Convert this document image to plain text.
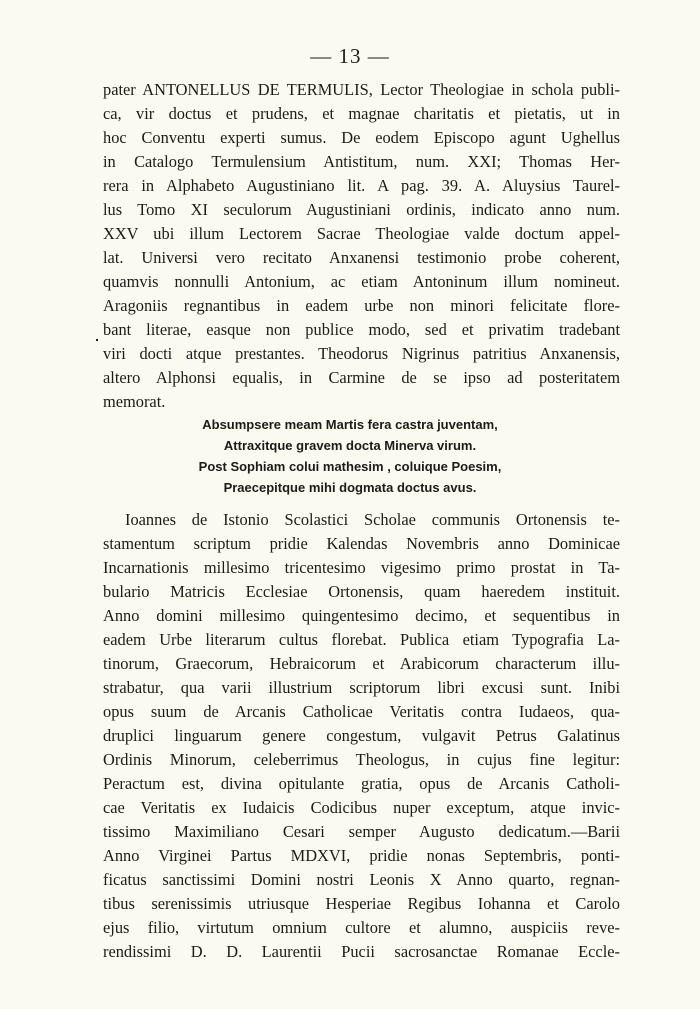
— 13 —
pater ANTONELLUS DE TERMULIS, Lector Theologiae in schola publi-
ca, vir doctus et prudens, et magnae charitatis et pietatis, ut in
hoc Conventu experti sumus. De eodem Episcopo agunt Ughellus
in Catalogo Termulensium Antistitum, num. XXI; Thomas Her-
rera in Alphabeto Augustiniano lit. A pag. 39. A. Aluysius Taurel-
lus Tomo XI seculorum Augustiniani ordinis, indicato anno num.
XXV ubi illum Lectorem Sacrae Theologiae valde doctum appel-
lat. Universi vero recitato Anxanensi testimonio probe coherent,
quamvis nonnulli Antonium, ac etiam Antoninum illum nomineut.
Aragoniis regnantibus in eadem urbe non minori felicitate flore-
bant literae, easque non publice modo, sed et privatim tradebant
viri docti atque prestantes. Theodorus Nigrinus patritius Anxanensis,
altero Alphonsi equalis, in Carmine de se ipso ad posteritatem
memorat.
Absumpsere meam Martis fera castra juventam,
Attraxitque gravem docta Minerva virum.
Post Sophiam colui mathesim , coluique Poesim,
Praecepitque mihi dogmata doctus avus.
Ioannes de Istonio Scolastici Scholae communis Ortonensis te-
stamentum scriptum pridie Kalendas Novembris anno Dominicae
Incarnationis millesimo tricentesimo vigesimo primo prostat in Ta-
bulario Matricis Ecclesiae Ortonensis, quam haeredem instituit.
Anno domini millesimo quingentesimo decimo, et sequentibus in
eadem Urbe literarum cultus florebat. Publica etiam Typografia La-
tinorum, Graecorum, Hebraicorum et Arabicorum characterum illu-
strabatur, qua varii illustrium scriptorum libri excusi sunt. Inibi
opus suum de Arcanis Catholicae Veritatis contra Iudaeos, qua-
druplici linguarum genere congestum, vulgavit Petrus Galatinus
Ordinis Minorum, celeberrimus Theologus, in cujus fine legitur:
Peractum est, divina opitulante gratia, opus de Arcanis Catholi-
cae Veritatis ex Iudaicis Codicibus nuper exceptum, atque invic-
tissimo Maximiliano Cesari semper Augusto dedicatum.—Barii
Anno Virginei Partus MDXVI, pridie nonas Septembris, ponti-
ficatus sanctissimi Domini nostri Leonis X Anno quarto, regnan-
tibus serenissimis utriusque Hesperiae Regibus Iohanna et Carolo
ejus filio, virtutum omnium cultore et alumno, auspiciis reve-
rendissimi D. D. Laurentii Pucii sacrosanctae Romanae Eccle-
